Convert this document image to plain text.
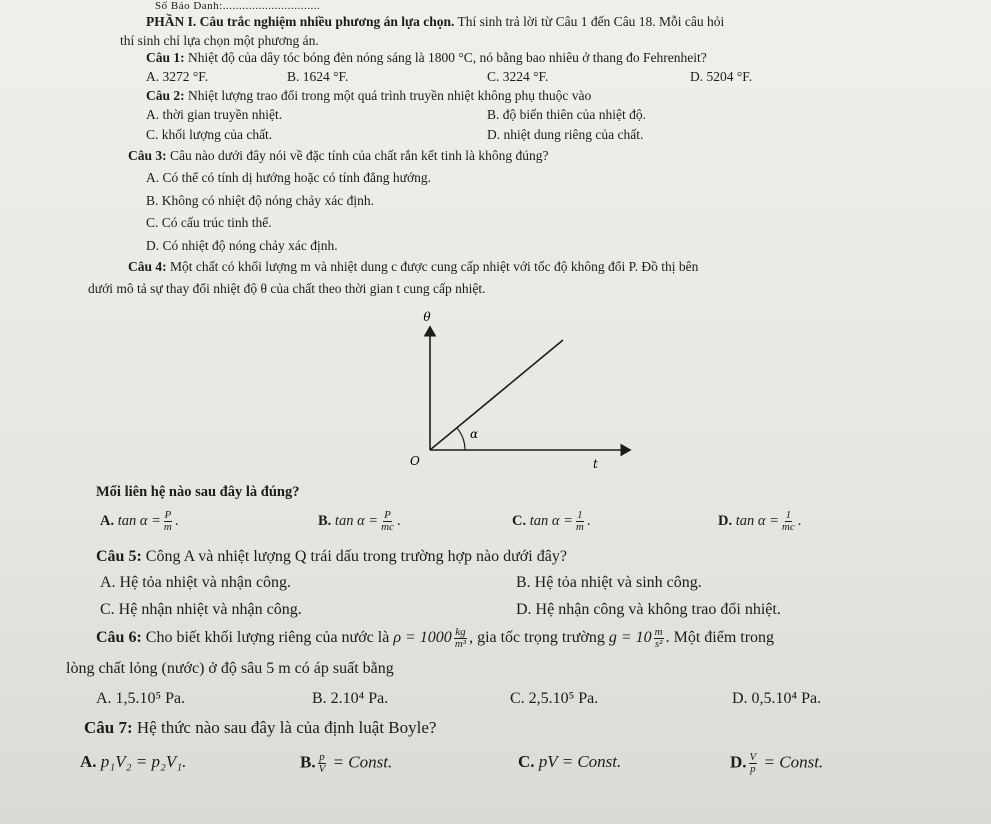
Số Báo Danh:..............................
PHẦN I. Câu trắc nghiệm nhiều phương án lựa chọn. Thí sinh trả lời từ Câu 1 đến Câu 18. Mỗi câu hỏi
thí sinh chỉ lựa chọn một phương án.
Câu 1: Nhiệt độ của dây tóc bóng đèn nóng sáng là 1800 °C, nó bằng bao nhiêu ở thang đo Fehrenheit?
A. 3272 °F.	B. 1624 °F.	C. 3224 °F.	D. 5204 °F.
Câu 2: Nhiệt lượng trao đổi trong một quá trình truyền nhiệt không phụ thuộc vào
A. thời gian truyền nhiệt.	B. độ biến thiên của nhiệt độ.
C. khối lượng của chất.	D. nhiệt dung riêng của chất.
Câu 3: Câu nào dưới đây nói về đặc tính của chất rắn kết tinh là không đúng?
A. Có thể có tính dị hướng hoặc có tính đẳng hướng.
B. Không có nhiệt độ nóng chảy xác định.
C. Có cấu trúc tinh thể.
D. Có nhiệt độ nóng chảy xác định.
Câu 4: Một chất có khối lượng m và nhiệt dung c được cung cấp nhiệt với tốc độ không đổi P. Đồ thị bên
dưới mô tả sự thay đổi nhiệt độ θ của chất theo thời gian t cung cấp nhiệt.
θ
t
O
α
Mối liên hệ nào sau đây là đúng?
A. $\tan \alpha = \frac{P}{m}$ .	B. $\tan \alpha = \frac{P}{mc}$ .	C. $\tan \alpha = \frac{1}{m}$ .	D. $\tan \alpha = \frac{1}{mc}$ .
Câu 5: Công A và nhiệt lượng Q trái dấu trong trường hợp nào dưới đây?
A. Hệ tỏa nhiệt và nhận công.	B. Hệ tỏa nhiệt và sinh công.
C. Hệ nhận nhiệt và nhận công.	D. Hệ nhận công và không trao đổi nhiệt.
Câu 6: Cho biết khối lượng riêng của nước là $\rho = 1000 \frac{kg}{\text{m³}}$ , gia tốc trọng trường $g = 10 \frac{m}{\text{s²}}$ . Một điểm trong
lòng chất lỏng (nước) ở độ sâu 5 m có áp suất bằng
A. 1,5.10⁵ Pa.	B. 2.10⁴ Pa.	C. 2,5.10⁵ Pa.	D. 0,5.10⁴ Pa.
Câu 7: Hệ thức nào sau đây là của định luật Boyle?
A. p₁V₂ = p₂V₁.	B. $\frac{p}{V}$ = Const.	C. pV = Const.	D. $\frac{V}{p}$ = Const.
